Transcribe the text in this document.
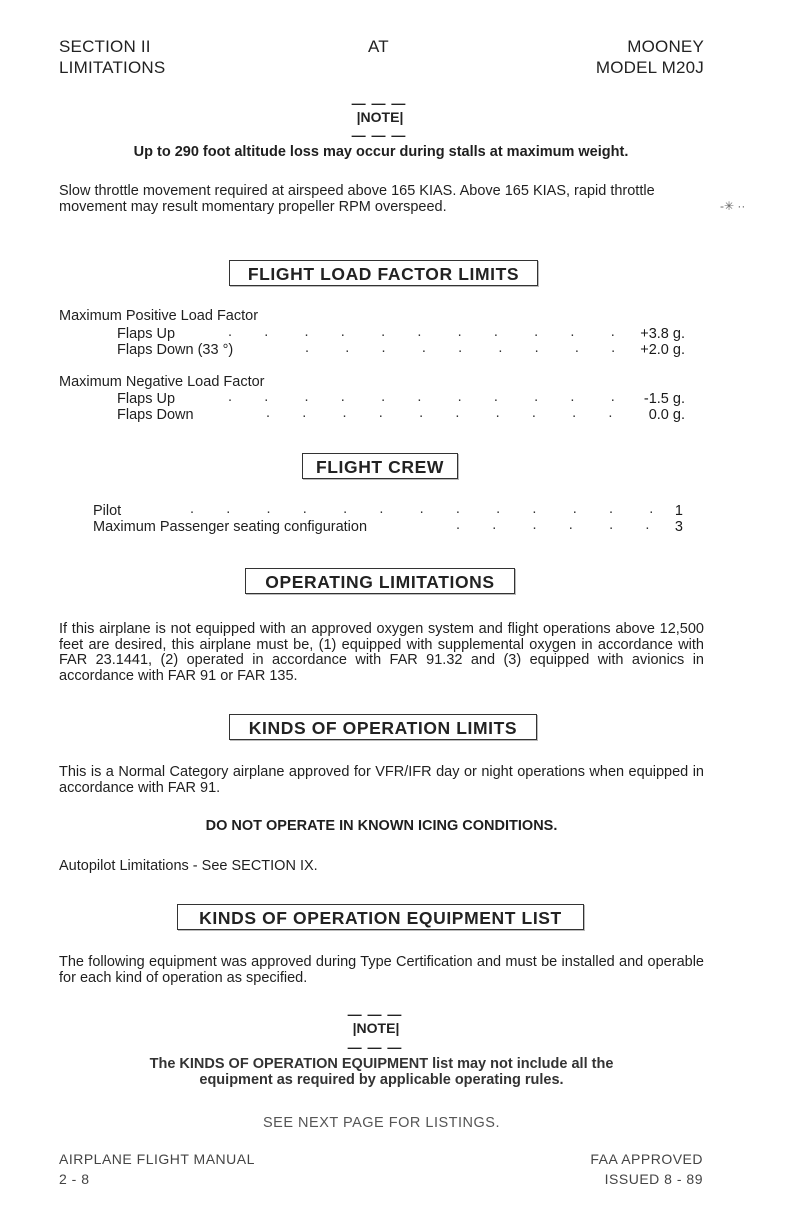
SECTION II
LIMITATIONS
AT	MOONEY
MODEL M20J
— — —
|NOTE|
— — —
Up to 290 foot altitude loss may occur during stalls at maximum weight.
Slow throttle movement required at airspeed above 165 KIAS. Above 165 KIAS, rapid throttle movement may result momentary propeller RPM overspeed.	-✳ ··
FLIGHT LOAD FACTOR LIMITS
Maximum Positive Load Factor
Flaps Up	.        .         .        .         .        .         .        .         .        .         . +3.8 g.
Flaps Down (33 °)	.         .        .         .        .         .        .         .        . +2.0 g.
Maximum Negative Load Factor
Flaps Up	.        .         .        .         .        .         .        .         .        .         . -1.5 g.
Flaps Down	.        .         .        .         .        .         .        .         .        .	0.0 g.
FLIGHT CREW
Pilot	.        .         .        .         .        .         .        .         .        .         .        .         . 1
Maximum Passenger seating configuration	.        .         .        .         .        . 3
OPERATING LIMITATIONS
If this airplane is not equipped with an approved oxygen system and flight operations above 12,500 feet are desired, this airplane must be, (1) equipped with supplemental oxygen in accordance with FAR 23.1441, (2) operated in accordance with FAR 91.32 and (3) equipped with avionics in accordance with FAR 91 or FAR 135.
KINDS OF OPERATION LIMITS
This is a Normal Category airplane approved for VFR/IFR day or night operations when equipped in accordance with FAR 91.
DO NOT OPERATE IN KNOWN ICING CONDITIONS.
Autopilot Limitations - See SECTION IX.
KINDS OF OPERATION EQUIPMENT LIST
The following equipment was approved during Type Certification and must be installed and operable for each kind of operation as specified.
— — —
|NOTE|
— — —
The KINDS OF OPERATION EQUIPMENT list may not include all the
equipment as required by applicable operating rules.
SEE NEXT PAGE FOR LISTINGS.
AIRPLANE FLIGHT MANUAL
2 - 8
FAA APPROVED
ISSUED 8 - 89
